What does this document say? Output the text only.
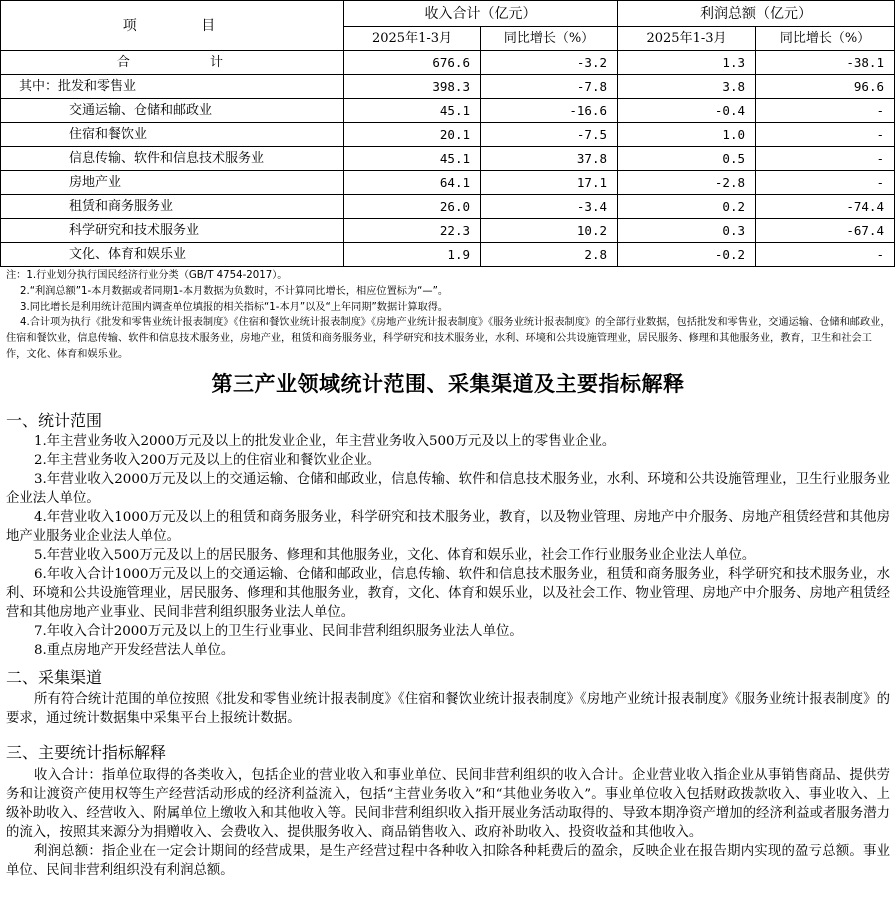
项 目	收入合计（亿元）		利润总额（亿元）	
	2025年1-3月	同比增长（%）	2025年1-3月	同比增长（%）
合 计	676.6	-3.2	1.3	-38.1
其中：批发和零售业	398.3	-7.8	3.8	96.6
交通运输、仓储和邮政业	45.1	-16.6	-0.4	-
住宿和餐饮业	20.1	-7.5	1.0	-
信息传输、软件和信息技术服务业	45.1	37.8	0.5	-
房地产业	64.1	17.1	-2.8	-
租赁和商务服务业	26.0	-3.4	0.2	-74.4
科学研究和技术服务业	22.3	10.2	0.3	-67.4
文化、体育和娱乐业	1.9	2.8	-0.2	-

注：1.行业划分执行国民经济行业分类（GB/T 4754-2017）。

2.“利润总额”1-本月数据或者同期1-本月数据为负数时，不计算同比增长，相应位置标为“—”。

3.同比增长是利用统计范围内调查单位填报的相关指标“1-本月”以及“上年同期”数据计算取得。

4.合计项为执行《批发和零售业统计报表制度》《住宿和餐饮业统计报表制度》《房地产业统计报表制度》《服务业统计报表制度》的全部行业数据，包括批发和零售业，交通运输、仓储和邮政业，住宿和餐饮业，信息传输、软件和信息技术服务业，房地产业，租赁和商务服务业，科学研究和技术服务业，水利、环境和公共设施管理业，居民服务、修理和其他服务业，教育，卫生和社会工作，文化、体育和娱乐业。

第三产业领域统计范围、采集渠道及主要指标解释
一、统计范围

1.年主营业务收入2000万元及以上的批发业企业，年主营业务收入500万元及以上的零售业企业。

2.年主营业务收入200万元及以上的住宿业和餐饮业企业。

3.年营业收入2000万元及以上的交通运输、仓储和邮政业，信息传输、软件和信息技术服务业，水利、环境和公共设施管理业，卫生行业服务业企业法人单位。

4.年营业收入1000万元及以上的租赁和商务服务业，科学研究和技术服务业，教育，以及物业管理、房地产中介服务、房地产租赁经营和其他房地产业服务业企业法人单位。

5.年营业收入500万元及以上的居民服务、修理和其他服务业，文化、体育和娱乐业，社会工作行业服务业企业法人单位。

6.年收入合计1000万元及以上的交通运输、仓储和邮政业，信息传输、软件和信息技术服务业，租赁和商务服务业，科学研究和技术服务业，水利、环境和公共设施管理业，居民服务、修理和其他服务业，教育，文化、体育和娱乐业，以及社会工作、物业管理、房地产中介服务、房地产租赁经营和其他房地产业事业、民间非营利组织服务业法人单位。

7.年收入合计2000万元及以上的卫生行业事业、民间非营利组织服务业法人单位。

8.重点房地产开发经营法人单位。

二、采集渠道

所有符合统计范围的单位按照《批发和零售业统计报表制度》《住宿和餐饮业统计报表制度》《房地产业统计报表制度》《服务业统计报表制度》的要求，通过统计数据集中采集平台上报统计数据。

三、主要统计指标解释

收入合计：指单位取得的各类收入，包括企业的营业收入和事业单位、民间非营利组织的收入合计。企业营业收入指企业从事销售商品、提供劳务和让渡资产使用权等生产经营活动形成的经济利益流入，包括“主营业务收入”和“其他业务收入”。事业单位收入包括财政拨款收入、事业收入、上级补助收入、经营收入、附属单位上缴收入和其他收入等。民间非营利组织收入指开展业务活动取得的、导致本期净资产增加的经济利益或者服务潜力的流入，按照其来源分为捐赠收入、会费收入、提供服务收入、商品销售收入、政府补助收入、投资收益和其他收入。

利润总额：指企业在一定会计期间的经营成果，是生产经营过程中各种收入扣除各种耗费后的盈余，反映企业在报告期内实现的盈亏总额。事业单位、民间非营利组织没有利润总额。
